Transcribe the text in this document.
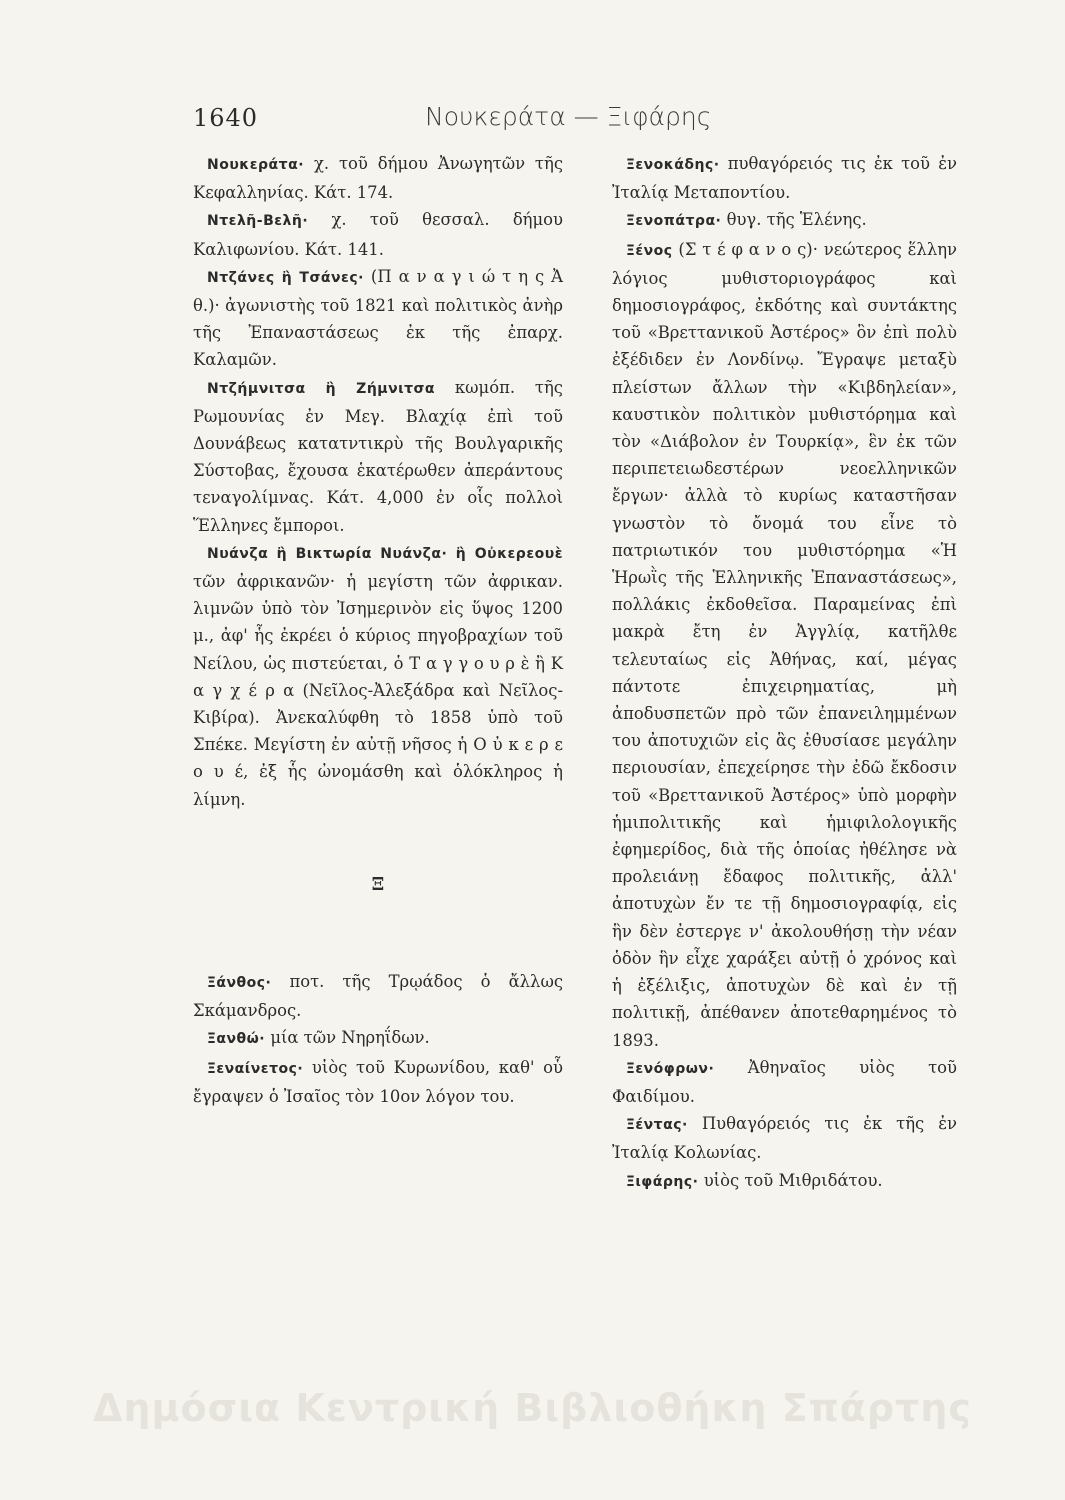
1640	Νουκεράτα — Ξιφάρης

Νουκεράτα· χ. τοῦ δήμου Ἀνωγητῶν τῆς Κεφαλληνίας. Κάτ. 174.

Ντελῆ-Βελῆ· χ. τοῦ θεσσαλ. δήμου Καλιφωνίου. Κάτ. 141.

Ντζάνες ἢ Τσάνες· (Π α ν α γ ι ώ τ η ς Ἀ θ.)· ἀγωνιστὴς τοῦ 1821 καὶ πολιτικὸς ἀνὴρ τῆς Ἐπαναστάσεως ἐκ τῆς ἐπαρχ. Καλαμῶν.

Ντζήμνιτσα ἢ Ζήμνιτσα κωμόπ. τῆς Ρωμουνίας ἐν Μεγ. Βλαχίᾳ ἐπὶ τοῦ Δουνάβεως κατατντικρὺ τῆς Βουλγαρικῆς Σύστοβας, ἔχουσα ἑκατέρωθεν ἀπεράντους τεναγολίμνας. Κάτ. 4,000 ἐν οἷς πολλοὶ Ἕλληνες ἔμποροι.

Νυάνζα ἢ Βικτωρία Νυάνζα· ἢ Οὐκερεουὲ τῶν ἀφρικανῶν· ἡ μεγίστη τῶν ἀφρικαν. λιμνῶν ὑπὸ τὸν Ἰσημερινὸν εἰς ὕψος 1200 μ., ἀφ' ἧς ἐκρέει ὁ κύριος πηγοβραχίων τοῦ Νείλου, ὡς πιστεύεται, ὁ Τ α γ γ ο υ ρ ὲ ἢ Κ α γ χ έ ρ α (Νεῖλος-Ἀλεξάδρα καὶ Νεῖλος-Κιβίρα). Ἀνεκαλύφθη τὸ 1858 ὑπὸ τοῦ Σπέκε. Μεγίστη ἐν αὐτῇ νῆσος ἡ Ο ὐ κ ε ρ ε ο υ έ, ἐξ ἧς ὠνομάσθη καὶ ὁλόκληρος ἡ λίμνη.

Ξ

Ξάνθος· ποτ. τῆς Τρῳάδος ὁ ἄλλως Σκάμανδρος.

Ξανθώ· μία τῶν Νηρηΐδων.

Ξεναίνετος· υἱὸς τοῦ Κυρωνίδου, καθ' οὗ ἔγραψεν ὁ Ἰσαῖος τὸν 10ον λόγον του.

Ξενοκάδης· πυθαγόρειός τις ἐκ τοῦ ἐν Ἰταλίᾳ Μεταποντίου.

Ξενοπάτρα· θυγ. τῆς Ἑλένης.

Ξένος (Σ τ έ φ α ν ο ς)· νεώτερος ἕλλην λόγιος μυθιστοριογράφος καὶ δημοσιογράφος, ἐκδότης καὶ συντάκτης τοῦ «Βρεττανικοῦ Ἀστέρος» ὃν ἐπὶ πολὺ ἐξέδιδεν ἐν Λονδίνῳ. Ἔγραψε μεταξὺ πλείστων ἄλλων τὴν «Κιβδηλείαν», καυστικὸν πολιτικὸν μυθιστόρημα καὶ τὸν «Διάβολον ἐν Τουρκίᾳ», ἓν ἐκ τῶν περιπετειωδεστέρων νεοελληνικῶν ἔργων· ἀλλὰ τὸ κυρίως καταστῆσαν γνωστὸν τὸ ὄνομά του εἶνε τὸ πατριωτικόν του μυθιστόρημα «Ἡ Ἡρωῒς τῆς Ἑλληνικῆς Ἐπαναστάσεως», πολλάκις ἐκδοθεῖσα. Παραμείνας ἐπὶ μακρὰ ἔτη ἐν Ἀγγλίᾳ, κατῆλθε τελευταίως εἰς Ἀθήνας, καί, μέγας πάντοτε ἐπιχειρηματίας, μὴ ἀποδυσπετῶν πρὸ τῶν ἐπανειλημμένων του ἀποτυχιῶν εἰς ἃς ἐθυσίασε μεγάλην περιουσίαν, ἐπεχείρησε τὴν ἐδῶ ἔκδοσιν τοῦ «Βρεττανικοῦ Ἀστέρος» ὑπὸ μορφὴν ἡμιπολιτικῆς καὶ ἡμιφιλολογικῆς ἐφημερίδος, διὰ τῆς ὁποίας ἠθέλησε νὰ προλειάνῃ ἔδαφος πολιτικῆς, ἀλλ' ἀποτυχὼν ἔν τε τῇ δημοσιογραφίᾳ, εἰς ἣν δὲν ἐστεργε ν' ἀκολουθήσῃ τὴν νέαν ὁδὸν ἣν εἶχε χαράξει αὐτῇ ὁ χρόνος καὶ ἡ ἐξέλιξις, ἀποτυχὼν δὲ καὶ ἐν τῇ πολιτικῇ, ἀπέθανεν ἀποτεθαρημένος τὸ 1893.

Ξενόφρων· Ἀθηναῖος υἱὸς τοῦ Φαιδίμου.

Ξέντας· Πυθαγόρειός τις ἐκ τῆς ἐν Ἰταλίᾳ Κολωνίας.

Ξιφάρης· υἱὸς τοῦ Μιθριδάτου.

Δημόσια Κεντρική Βιβλιοθήκη Σπάρτης
